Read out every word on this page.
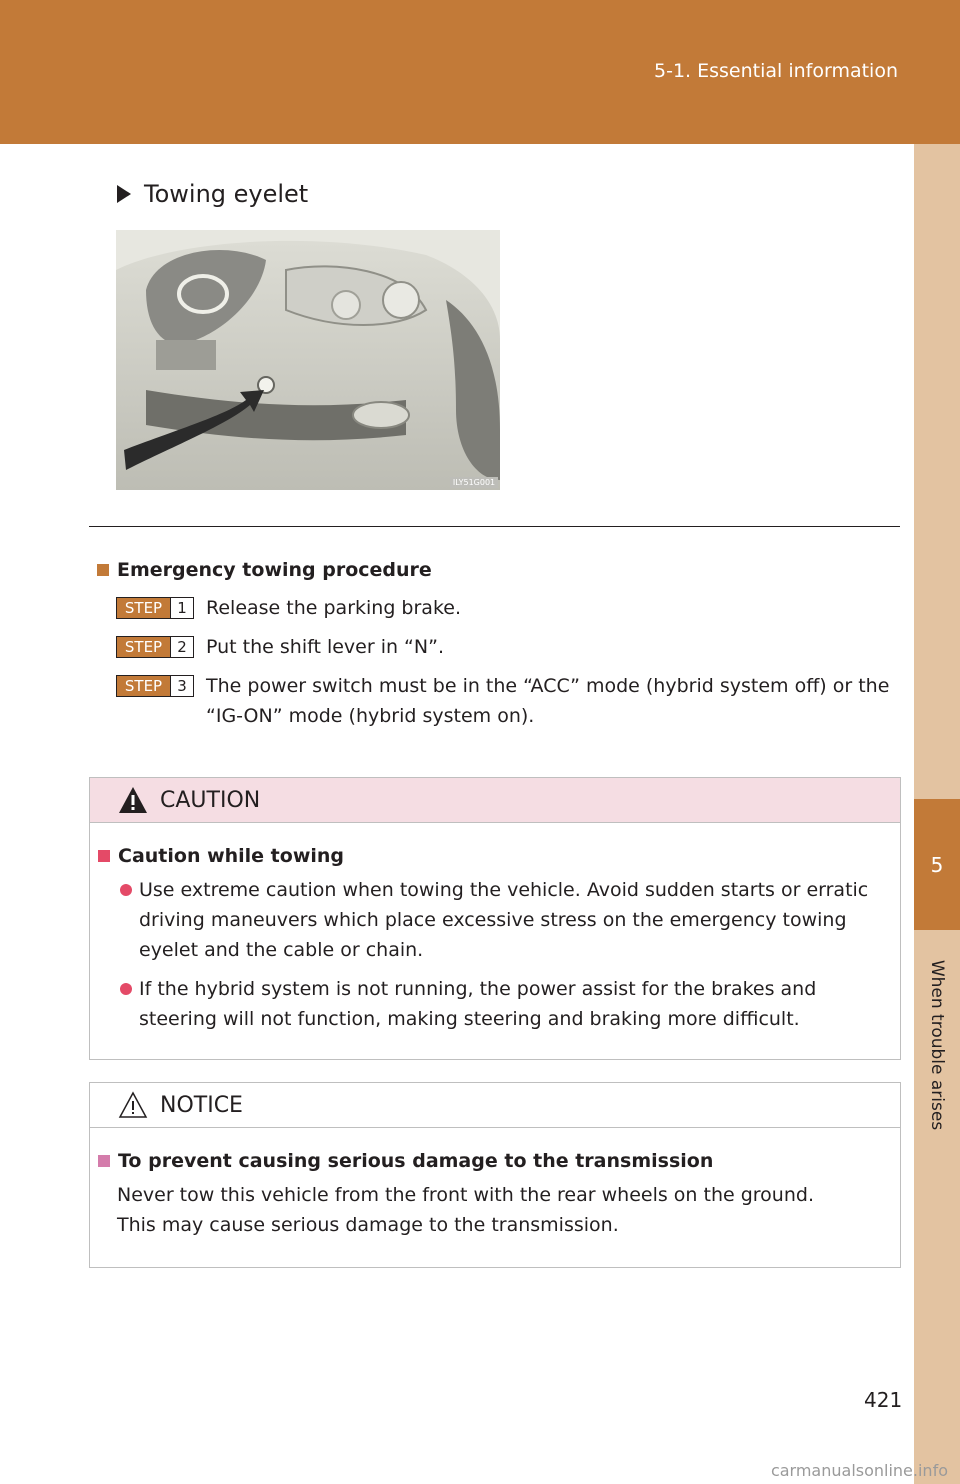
5-1. Essential information
5
When trouble arises
Towing eyelet
ILY51G001
Emergency towing procedure
STEP	1	Release the parking brake.
STEP	2	Put the shift lever in “N”.
STEP	3	The power switch must be in the “ACC” mode (hybrid system off) or the “IG-ON” mode (hybrid system on).
CAUTION
Caution while towing
Use extreme caution when towing the vehicle. Avoid sudden starts or erratic driving maneuvers which place excessive stress on the emergency towing eyelet and the cable or chain.
If the hybrid system is not running, the power assist for the brakes and steering will not function, making steering and braking more difficult.
NOTICE
To prevent causing serious damage to the transmission
Never tow this vehicle from the front with the rear wheels on the ground.
This may cause serious damage to the transmission.
421
carmanualsonline.info
